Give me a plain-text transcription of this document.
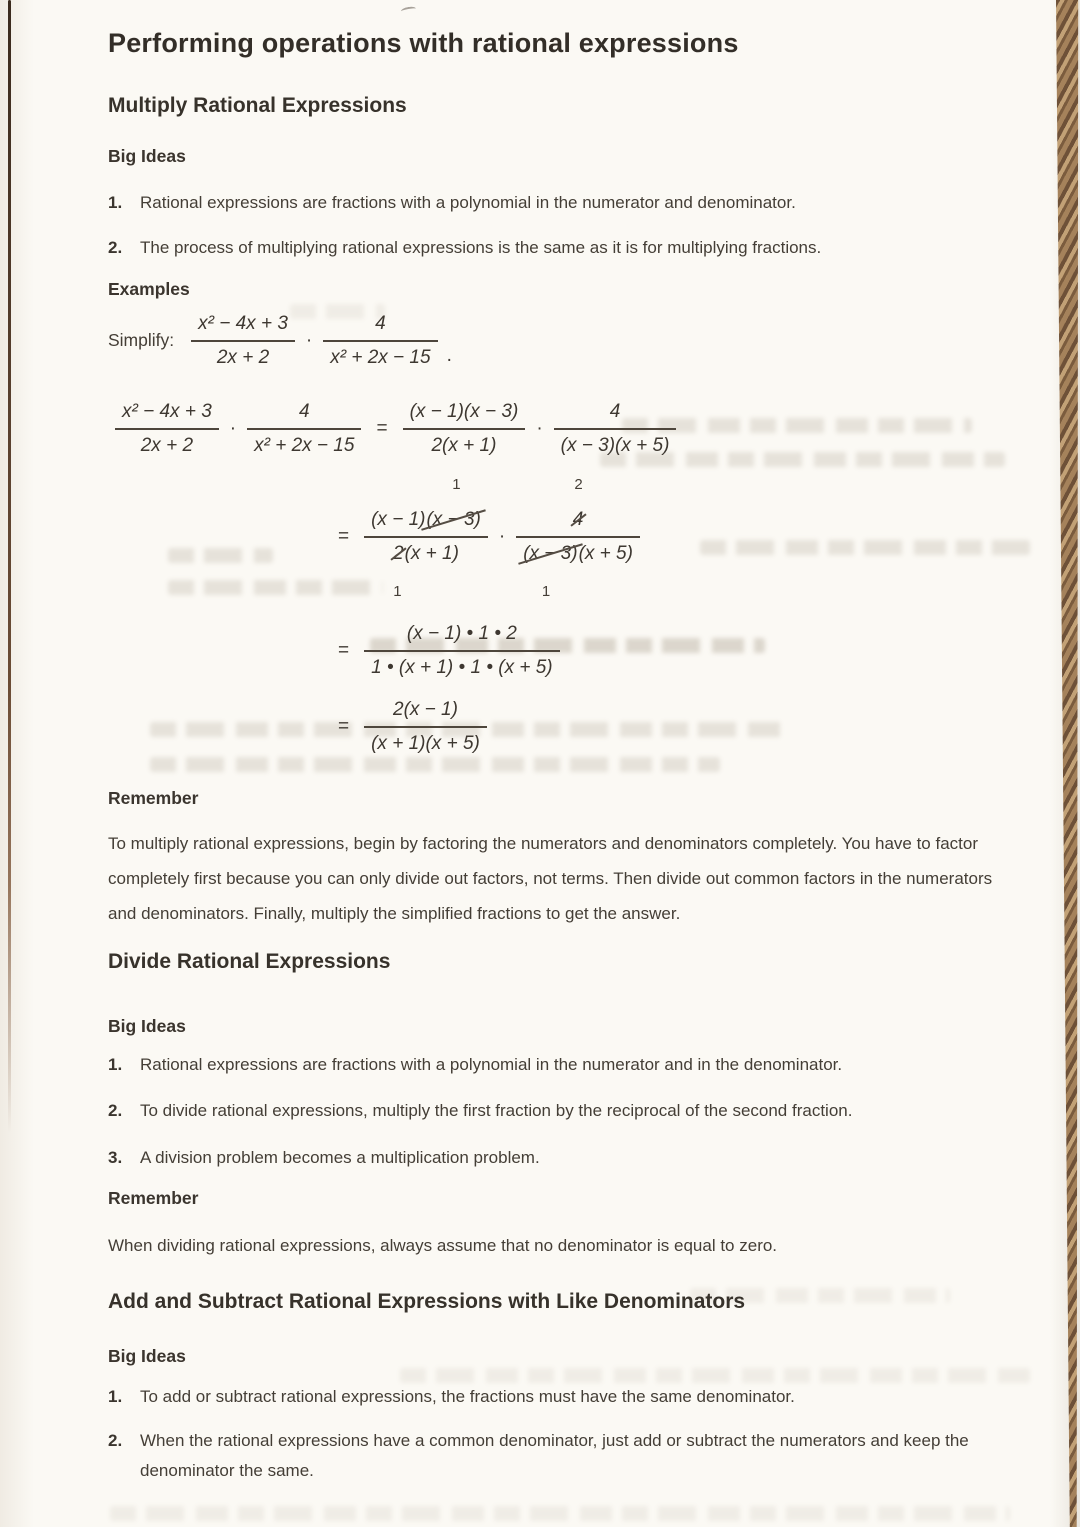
Performing operations with rational expressions
Multiply Rational Expressions
Big Ideas
1.	Rational expressions are fractions with a polynomial in the numerator and denominator.
2.	The process of multiplying rational expressions is the same as it is for multiplying fractions.
Examples
Simplify: $\frac{\text{x² − 4x + 3}}{2x + 2} \cdot \frac{4}{\text{x² + 2x − 15}}$ .
$\frac{\text{x² − 4x + 3}}{2x + 2} \cdot \frac{4}{\text{x² + 2x − 15}} = \frac{(x - 1)(x - 3)}{2(x + 1)} \cdot \frac{4}{(x - 3)(x + 5)}$
= (x − 1) (x − 3)
1
2
1
(x + 1) · 4
2
(x − 3)
1
(x + 5)
= $\frac{(x - 1) • 1 • 2}{1 • (x + 1) • 1 • (x + 5)}$
= $\frac{2(x - 1)}{(x + 1)(x + 5)}$
Remember
To multiply rational expressions, begin by factoring the numerators and denominators completely. You have to factor completely first because you can only divide out factors, not terms. Then divide out common factors in the numerators and denominators. Finally, multiply the simplified fractions to get the answer.
Divide Rational Expressions
Big Ideas
1.	Rational expressions are fractions with a polynomial in the numerator and in the denominator.
2.	To divide rational expressions, multiply the first fraction by the reciprocal of the second fraction.
3.	A division problem becomes a multiplication problem.
Remember
When dividing rational expressions, always assume that no denominator is equal to zero.
Add and Subtract Rational Expressions with Like Denominators
Big Ideas
1.	To add or subtract rational expressions, the fractions must have the same denominator.
2.	When the rational expressions have a common denominator, just add or subtract the numerators and keep the denominator the same.
